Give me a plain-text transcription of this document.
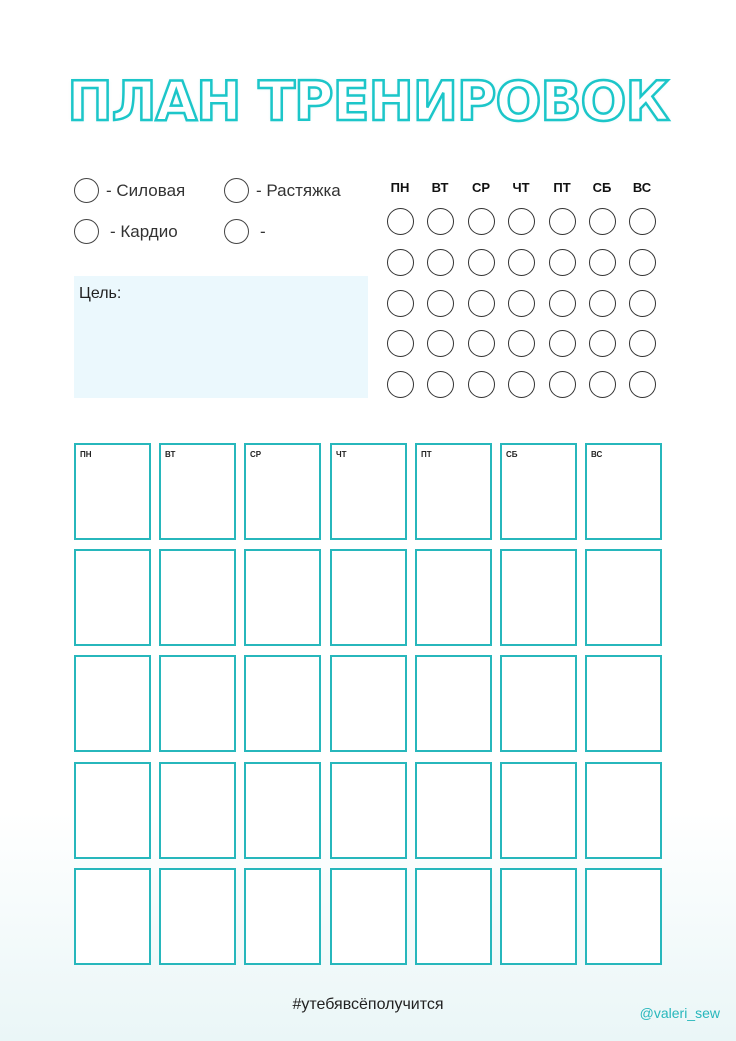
ПЛАН ТРЕНИРОВОК
- Силовая	- Растяжка
- Кардио	-
Цель:
ПН	ВТ	СР	ЧТ	ПТ	СБ	ВС
ПН	ВТ	СР	ЧТ	ПТ	СБ	ВС
#утебявсёполучится	@valeri_sew
